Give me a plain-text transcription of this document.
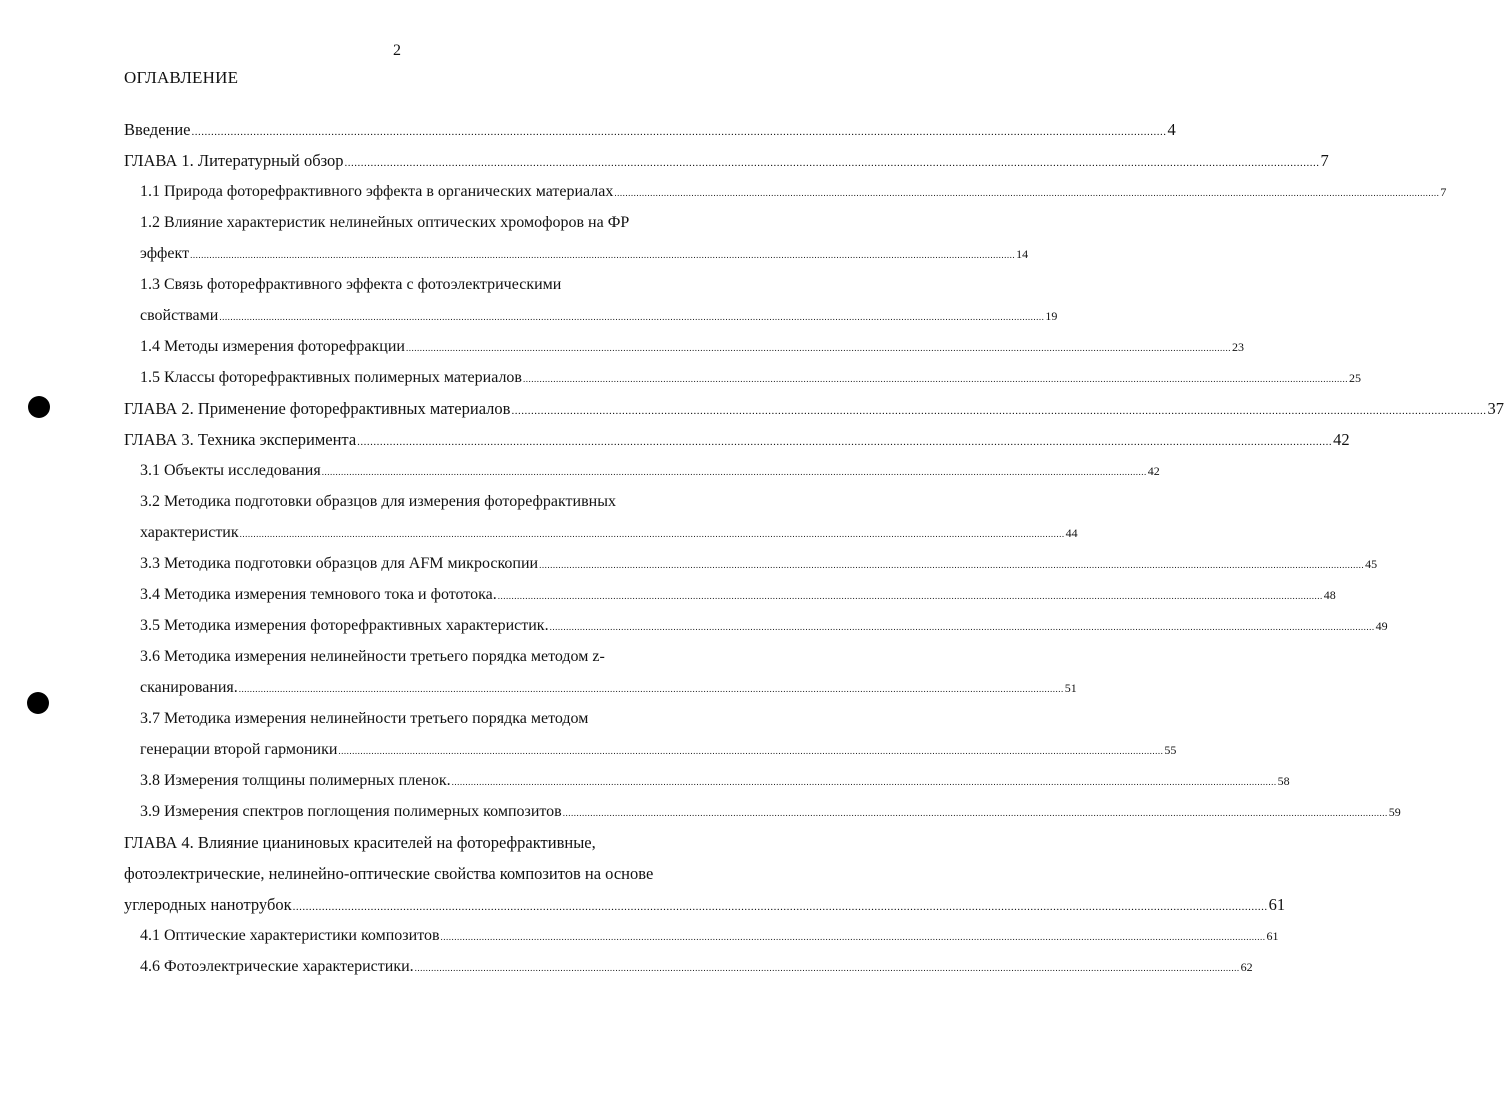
2
ОГЛАВЛЕНИЕ
Введение ............................................................................................................................................................................................................................................................................................................ 4
ГЛАВА 1. Литературный обзор ............................................................................................................................................................................................................................................................................................................ 7
1.1 Природа фоторефрактивного эффекта в органических материалах ............................................................................................................................................................................................................................................................................................................ 7
1.2 Влияние характеристик нелинейных оптических хромофоров на ФР
эффект ............................................................................................................................................................................................................................................................................................................ 14
1.3 Связь фоторефрактивного эффекта с фотоэлектрическими
свойствами ............................................................................................................................................................................................................................................................................................................ 19
1.4 Методы измерения фоторефракции ............................................................................................................................................................................................................................................................................................................ 23
1.5 Классы фоторефрактивных полимерных материалов ............................................................................................................................................................................................................................................................................................................ 25
ГЛАВА 2. Применение фоторефрактивных материалов ............................................................................................................................................................................................................................................................................................................ 37
ГЛАВА 3. Техника эксперимента ............................................................................................................................................................................................................................................................................................................ 42
3.1 Объекты исследования ............................................................................................................................................................................................................................................................................................................ 42
3.2 Методика подготовки образцов для измерения фоторефрактивных
характеристик ............................................................................................................................................................................................................................................................................................................ 44
3.3 Методика подготовки образцов для AFM микроскопии ............................................................................................................................................................................................................................................................................................................ 45
3.4 Методика измерения темнового тока и фототока. ............................................................................................................................................................................................................................................................................................................ 48
3.5 Методика измерения фоторефрактивных характеристик. ............................................................................................................................................................................................................................................................................................................ 49
3.6 Методика измерения нелинейности третьего порядка методом z-
сканирования. ............................................................................................................................................................................................................................................................................................................ 51
3.7 Методика измерения нелинейности третьего порядка методом
генерации второй гармоники ............................................................................................................................................................................................................................................................................................................ 55
3.8 Измерения толщины полимерных пленок. ............................................................................................................................................................................................................................................................................................................ 58
3.9 Измерения спектров поглощения полимерных композитов ............................................................................................................................................................................................................................................................................................................ 59
ГЛАВА 4. Влияние цианиновых красителей на фоторефрактивные,
фотоэлектрические, нелинейно-оптические свойства композитов на основе
углеродных нанотрубок ............................................................................................................................................................................................................................................................................................................ 61
4.1 Оптические характеристики композитов ............................................................................................................................................................................................................................................................................................................ 61
4.6 Фотоэлектрические характеристики. ............................................................................................................................................................................................................................................................................................................ 62
